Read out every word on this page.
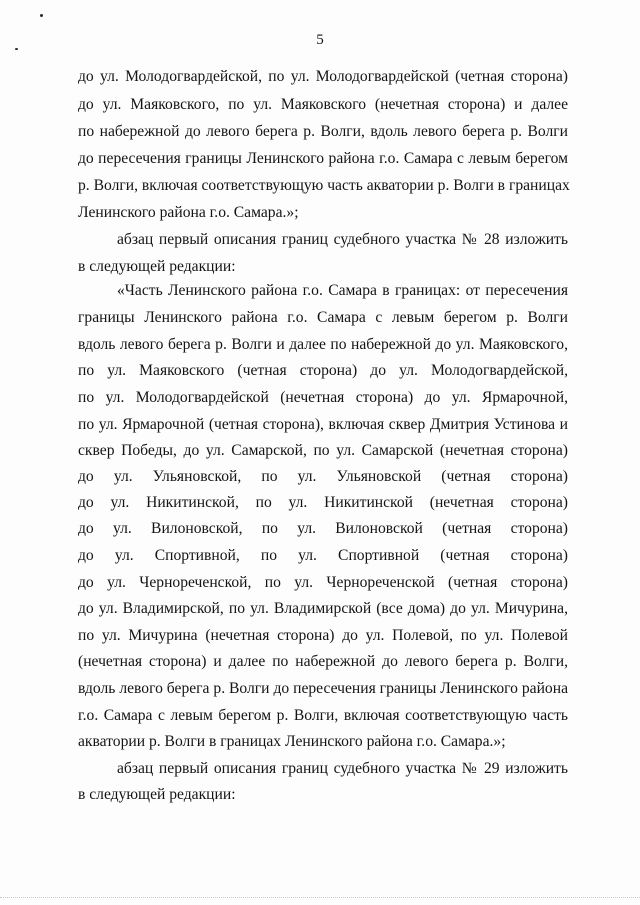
5
до ул. Молодогвардейской, по ул. Молодогвардейской (четная сторона)
до ул. Маяковского, по ул. Маяковского (нечетная сторона) и далее
по набережной до левого берега р. Волги, вдоль левого берега р. Волги
до пересечения границы Ленинского района г.о. Самара с левым берегом
р. Волги, включая соответствующую часть акватории р. Волги в границах
Ленинского района г.о. Самара.»;
абзац первый описания границ судебного участка № 28 изложить
в следующей редакции:
«Часть Ленинского района г.о. Самара в границах: от пересечения
границы Ленинского района г.о. Самара с левым берегом р. Волги
вдоль левого берега р. Волги и далее по набережной до ул. Маяковского,
по ул. Маяковского (четная сторона) до ул. Молодогвардейской,
по ул. Молодогвардейской (нечетная сторона) до ул. Ярмарочной,
по ул. Ярмарочной (четная сторона), включая сквер Дмитрия Устинова и
сквер Победы, до ул. Самарской, по ул. Самарской (нечетная сторона)
до ул. Ульяновской, по ул. Ульяновской (четная сторона)
до ул. Никитинской, по ул. Никитинской (нечетная сторона)
до ул. Вилоновской, по ул. Вилоновской (четная сторона)
до ул. Спортивной, по ул. Спортивной (четная сторона)
до ул. Чернореченской, по ул. Чернореченской (четная сторона)
до ул. Владимирской, по ул. Владимирской (все дома) до ул. Мичурина,
по ул. Мичурина (нечетная сторона) до ул. Полевой, по ул. Полевой
(нечетная сторона) и далее по набережной до левого берега р. Волги,
вдоль левого берега р. Волги до пересечения границы Ленинского района
г.о. Самара с левым берегом р. Волги, включая соответствующую часть
акватории р. Волги в границах Ленинского района г.о. Самара.»;
абзац первый описания границ судебного участка № 29 изложить
в следующей редакции:
